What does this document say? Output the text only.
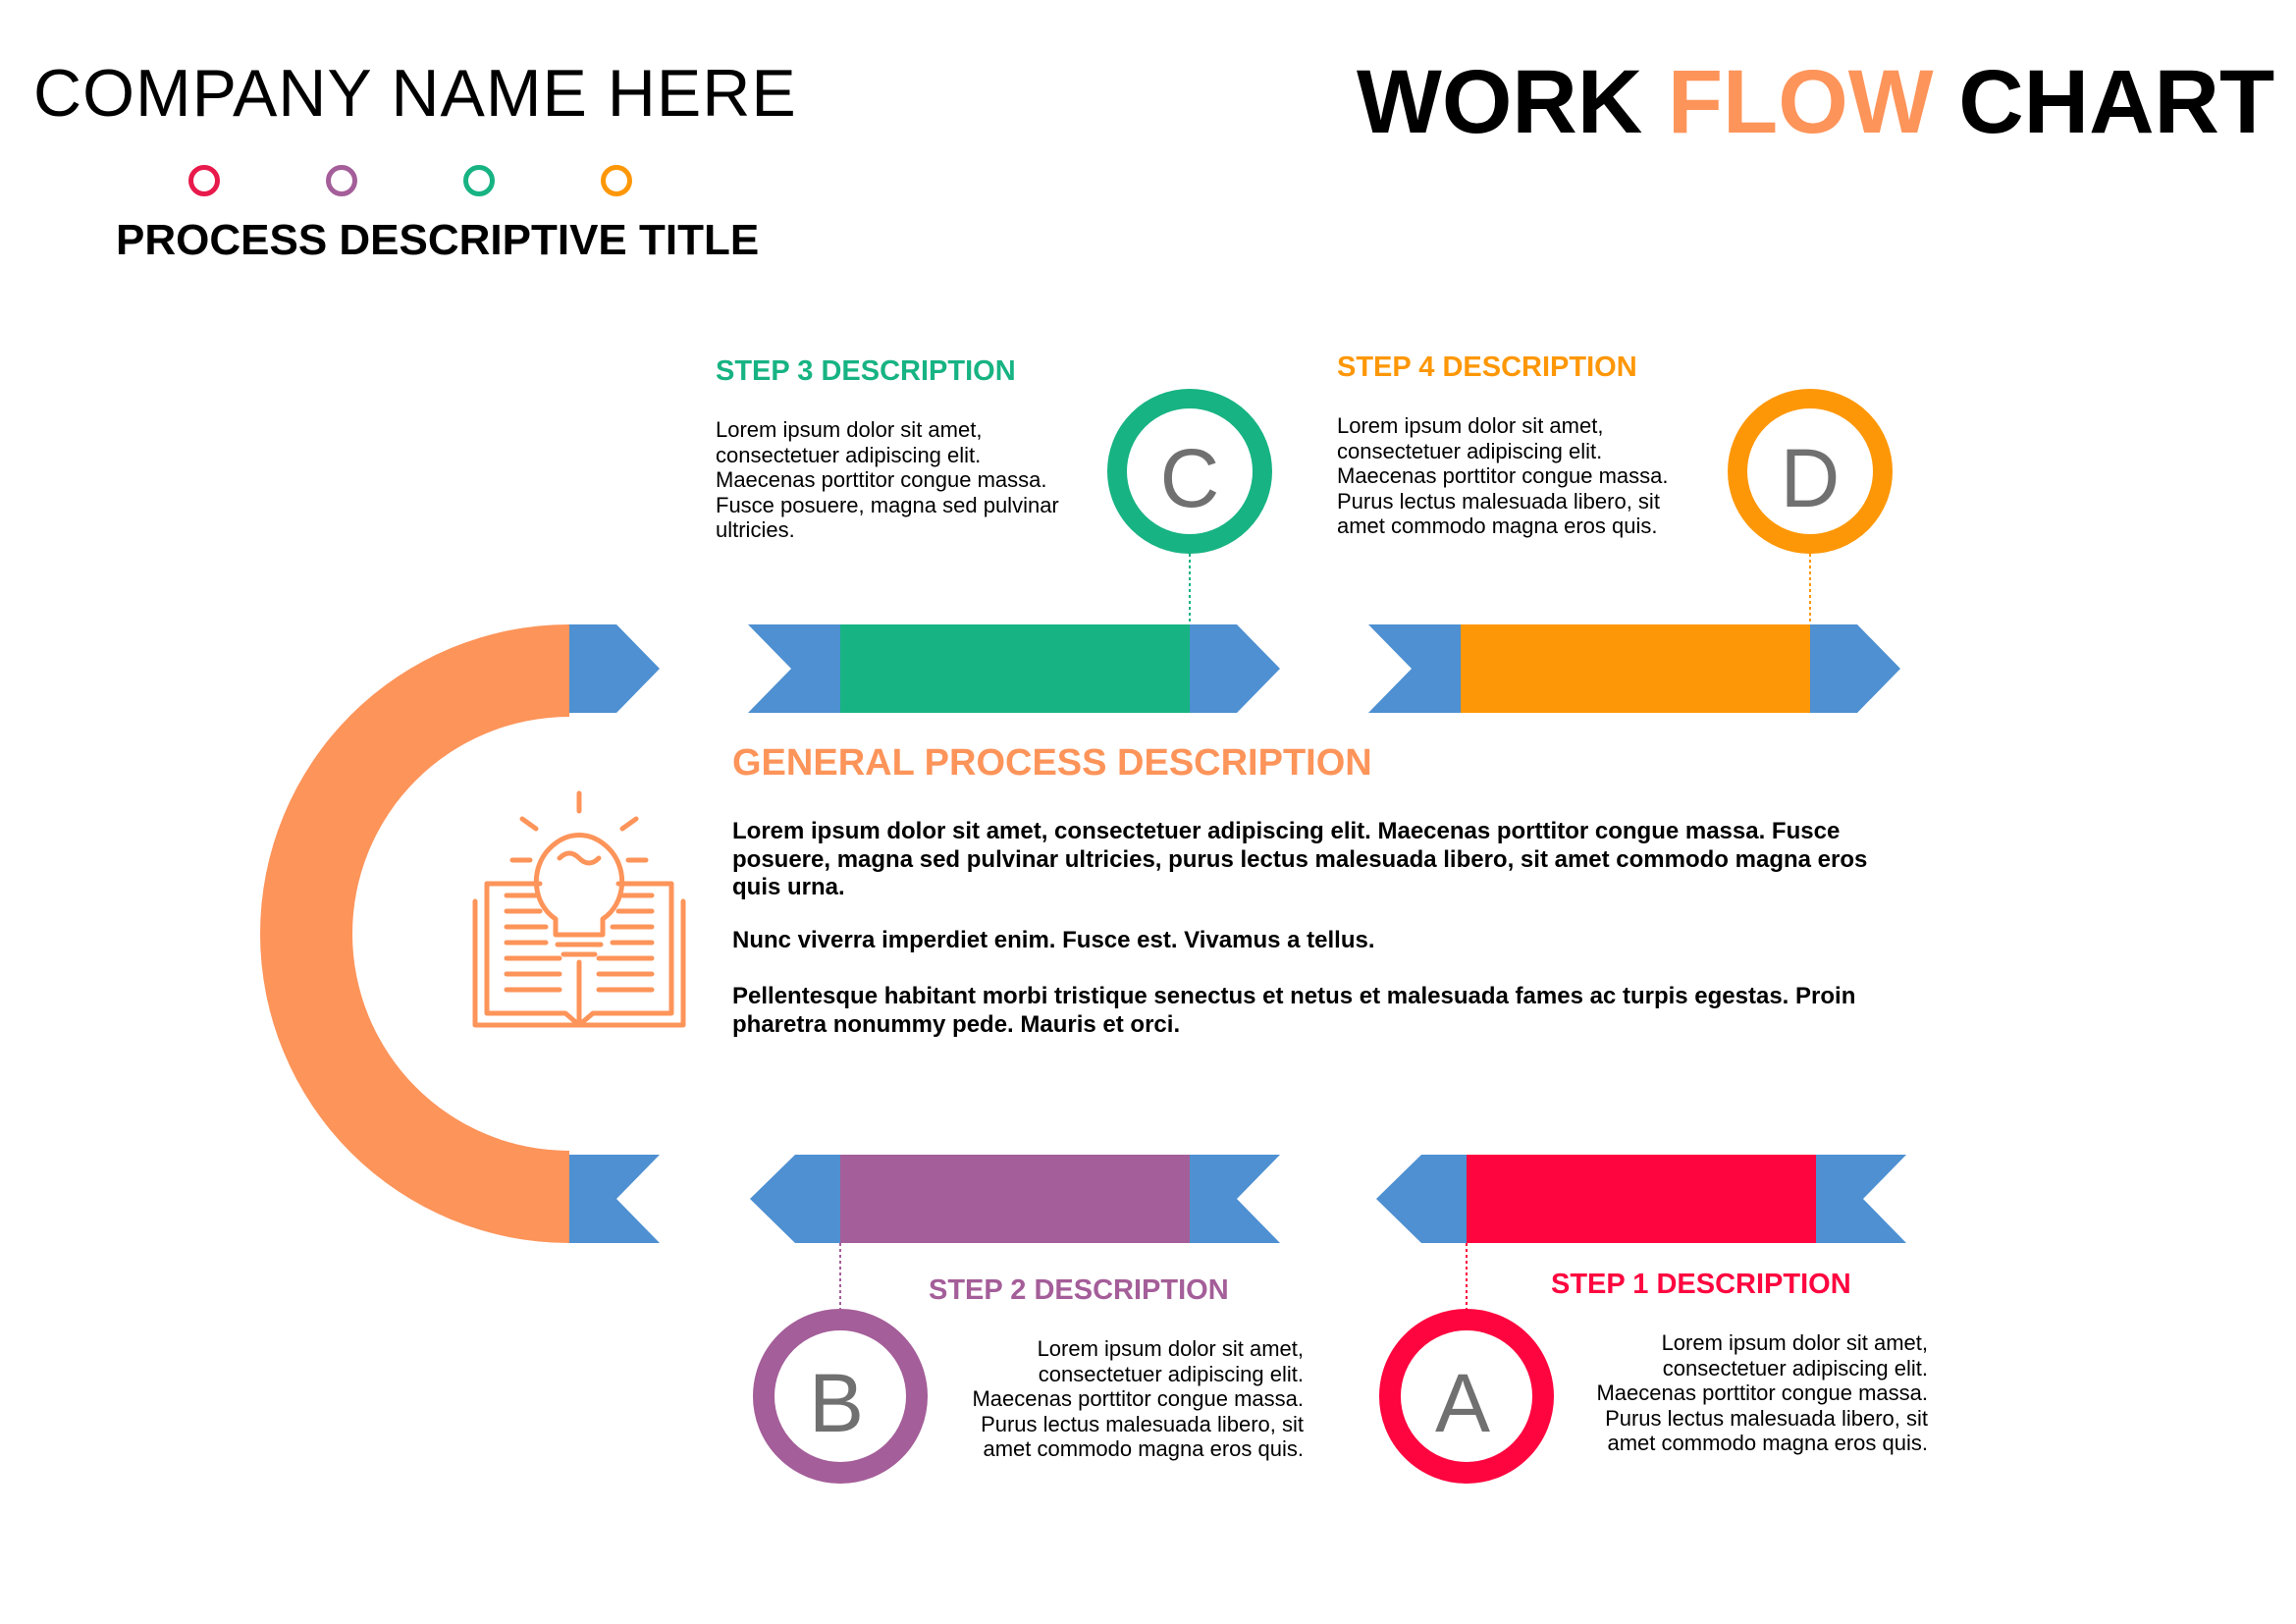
COMPANY NAME HERE
PROCESS DESCRIPTIVE TITLE
WORK FLOW CHART
C	D
B	A
STEP 3 DESCRIPTION
Lorem ipsum dolor sit amet,
consectetuer adipiscing elit.
Maecenas porttitor congue massa.
Fusce posuere, magna sed pulvinar
ultricies.
STEP 4 DESCRIPTION
Lorem ipsum dolor sit amet,
consectetuer adipiscing elit.
Maecenas porttitor congue massa.
Purus lectus malesuada libero, sit
amet commodo magna eros quis.
STEP 2 DESCRIPTION
Lorem ipsum dolor sit amet,
consectetuer adipiscing elit.
Maecenas porttitor congue massa.
Purus lectus malesuada libero, sit
amet commodo magna eros quis.
STEP 1 DESCRIPTION
Lorem ipsum dolor sit amet,
consectetuer adipiscing elit.
Maecenas porttitor congue massa.
Purus lectus malesuada libero, sit
amet commodo magna eros quis.
GENERAL PROCESS DESCRIPTION
Lorem ipsum dolor sit amet, consectetuer adipiscing elit. Maecenas porttitor congue massa. Fusce posuere, magna sed pulvinar ultricies, purus lectus malesuada libero, sit amet commodo magna eros quis urna.
Nunc viverra imperdiet enim. Fusce est. Vivamus a tellus.
Pellentesque habitant morbi tristique senectus et netus et malesuada fames ac turpis egestas. Proin pharetra nonummy pede. Mauris et orci.
